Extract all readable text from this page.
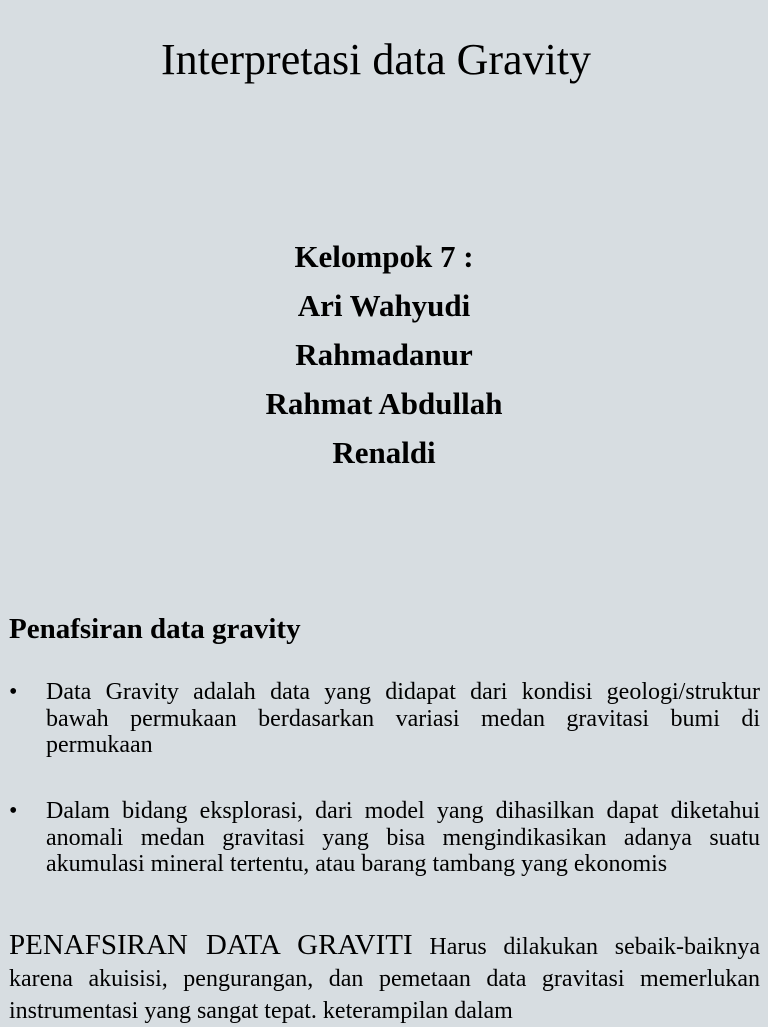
Interpretasi data Gravity
Kelompok 7 :
Ari Wahyudi
Rahmadanur
Rahmat Abdullah
Renaldi
Penafsiran data gravity
•	Data Gravity adalah data yang didapat dari kondisi geologi/struktur bawah permukaan berdasarkan variasi medan gravitasi bumi di permukaan
•	Dalam bidang eksplorasi, dari model yang dihasilkan dapat diketahui anomali medan gravitasi yang bisa mengindikasikan adanya suatu akumulasi mineral tertentu, atau barang tambang yang ekonomis
PENAFSIRAN DATA GRAVITI Harus dilakukan sebaik-baiknya karena akuisisi, pengurangan, dan pemetaan data gravitasi memerlukan instrumentasi yang sangat tepat. keterampilan dalam
